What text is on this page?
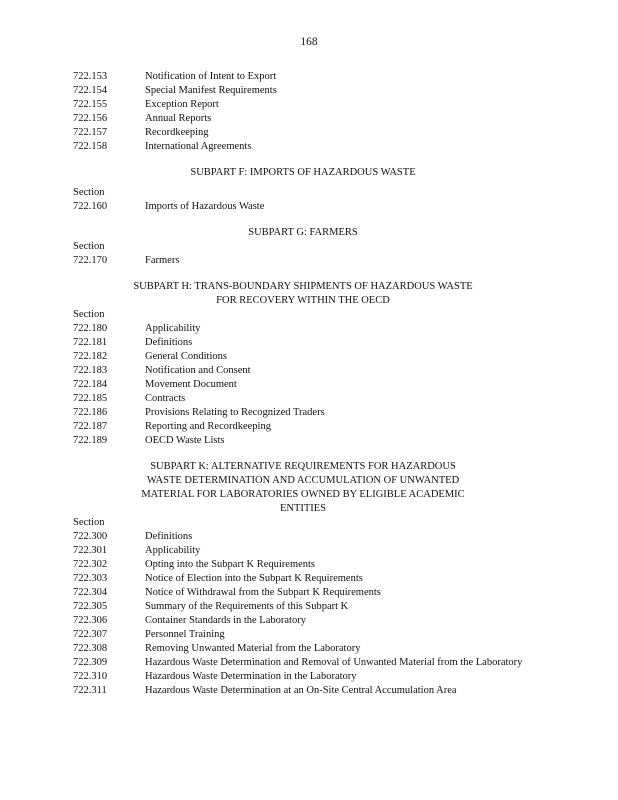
168
722.153	Notification of Intent to Export
722.154	Special Manifest Requirements
722.155	Exception Report
722.156	Annual Reports
722.157	Recordkeeping
722.158	International Agreements
SUBPART F: IMPORTS OF HAZARDOUS WASTE
Section
722.160	Imports of Hazardous Waste
SUBPART G: FARMERS
Section
722.170	Farmers
SUBPART H: TRANS-BOUNDARY SHIPMENTS OF HAZARDOUS WASTE
FOR RECOVERY WITHIN THE OECD
Section
722.180	Applicability
722.181	Definitions
722.182	General Conditions
722.183	Notification and Consent
722.184	Movement Document
722.185	Contracts
722.186	Provisions Relating to Recognized Traders
722.187	Reporting and Recordkeeping
722.189	OECD Waste Lists
SUBPART K: ALTERNATIVE REQUIREMENTS FOR HAZARDOUS
WASTE DETERMINATION AND ACCUMULATION OF UNWANTED
MATERIAL FOR LABORATORIES OWNED BY ELIGIBLE ACADEMIC
ENTITIES
Section
722.300	Definitions
722.301	Applicability
722.302	Opting into the Subpart K Requirements
722.303	Notice of Election into the Subpart K Requirements
722.304	Notice of Withdrawal from the Subpart K Requirements
722.305	Summary of the Requirements of this Subpart K
722.306	Container Standards in the Laboratory
722.307	Personnel Training
722.308	Removing Unwanted Material from the Laboratory
722.309	Hazardous Waste Determination and Removal of Unwanted Material from the Laboratory
722.310	Hazardous Waste Determination in the Laboratory
722.311	Hazardous Waste Determination at an On-Site Central Accumulation Area
